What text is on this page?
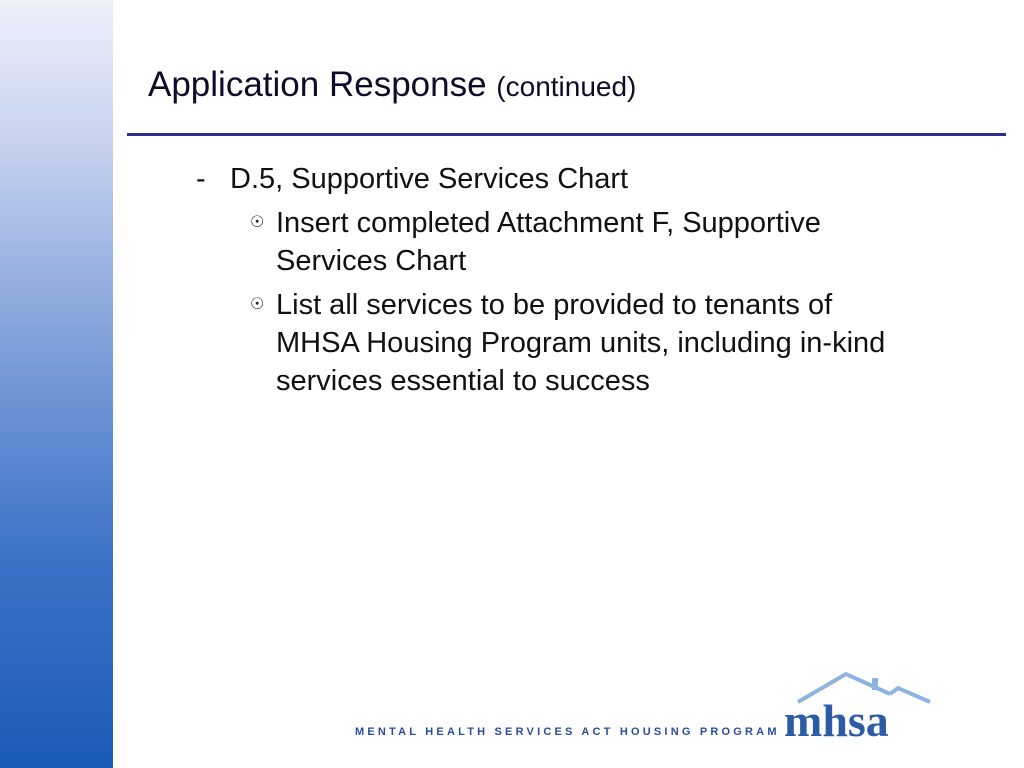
Application Response (continued)
- D.5, Supportive Services Chart
☉ Insert completed Attachment F, Supportive Services Chart
☉ List all services to be provided to tenants of MHSA Housing Program units, including in-kind services essential to success
mhsa
MENTAL HEALTH SERVICES ACT HOUSING PROGRAM
